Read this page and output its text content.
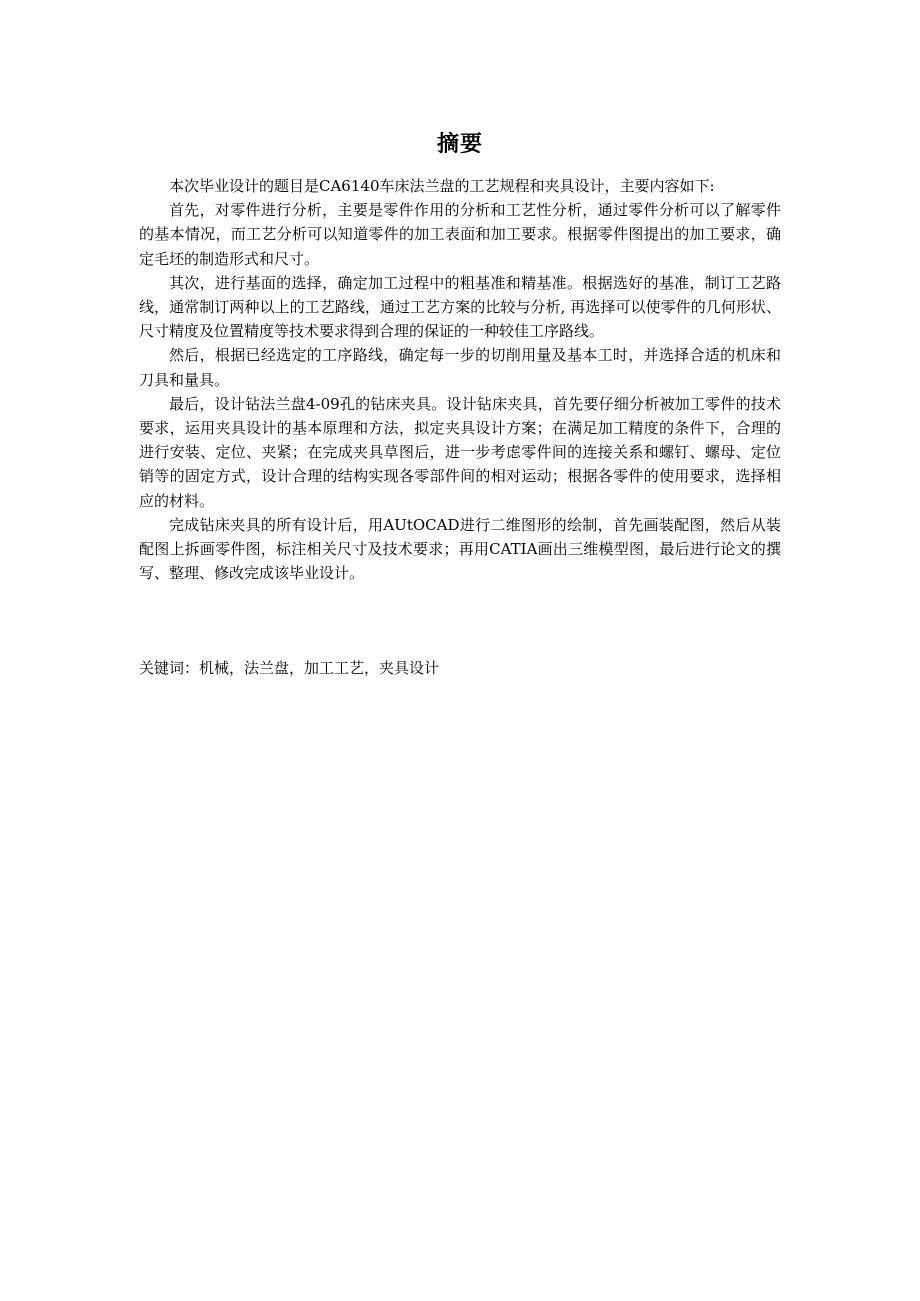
摘要

本次毕业设计的题目是CA6140车床法兰盘的工艺规程和夹具设计，主要内容如下:

首先，对零件进行分析，主要是零件作用的分析和工艺性分析，通过零件分析可以了解零件的基本情况，而工艺分析可以知道零件的加工表面和加工要求。根据零件图提出的加工要求，确定毛坯的制造形式和尺寸。

其次，进行基面的选择，确定加工过程中的粗基准和精基准。根据选好的基准，制订工艺路线，通常制订两种以上的工艺路线，通过工艺方案的比较与分析, 再选择可以使零件的几何形状、尺寸精度及位置精度等技术要求得到合理的保证的一种较佳工序路线。

然后，根据已经选定的工序路线，确定每一步的切削用量及基本工时，并选择合适的机床和刀具和量具。

最后，设计钻法兰盘4-09孔的钻床夹具。设计钻床夹具，首先要仔细分析被加工零件的技术要求，运用夹具设计的基本原理和方法，拟定夹具设计方案；在满足加工精度的条件下，合理的进行安装、定位、夹紧；在完成夹具草图后，进一步考虑零件间的连接关系和螺钉、螺母、定位销等的固定方式，设计合理的结构实现各零部件间的相对运动；根据各零件的使用要求，选择相应的材料。

完成钻床夹具的所有设计后，用AUtOCAD进行二维图形的绘制，首先画装配图，然后从装配图上拆画零件图，标注相关尺寸及技术要求；再用CATIA画出三维模型图，最后进行论文的撰写、整理、修改完成该毕业设计。

关键词：机械，法兰盘，加工工艺，夹具设计
